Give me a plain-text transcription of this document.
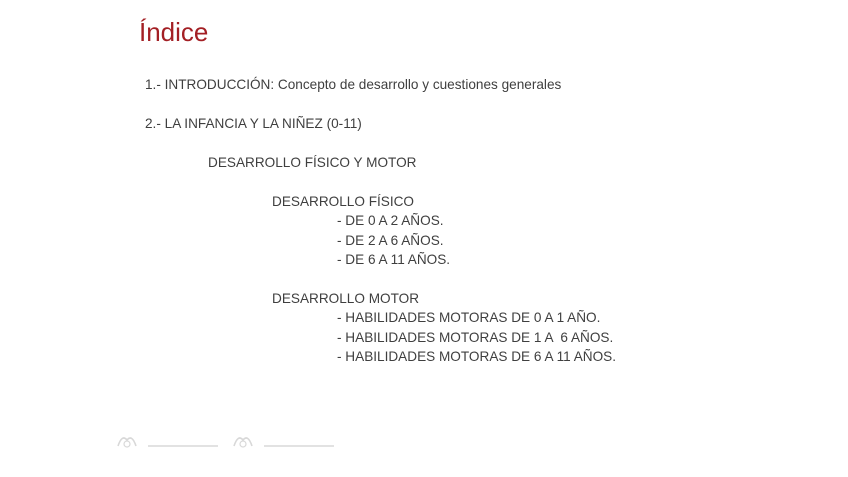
Índice
1.- INTRODUCCIÓN: Concepto de desarrollo y cuestiones generales
2.- LA INFANCIA Y LA NIÑEZ (0-11)
DESARROLLO FÍSICO Y MOTOR
DESARROLLO FÍSICO
- DE 0 A 2 AÑOS.
- DE 2 A 6 AÑOS.
- DE 6 A 11 AÑOS.
DESARROLLO MOTOR
- HABILIDADES MOTORAS DE 0 A 1 AÑO.
- HABILIDADES MOTORAS DE 1 A  6 AÑOS.
- HABILIDADES MOTORAS DE 6 A 11 AÑOS.
